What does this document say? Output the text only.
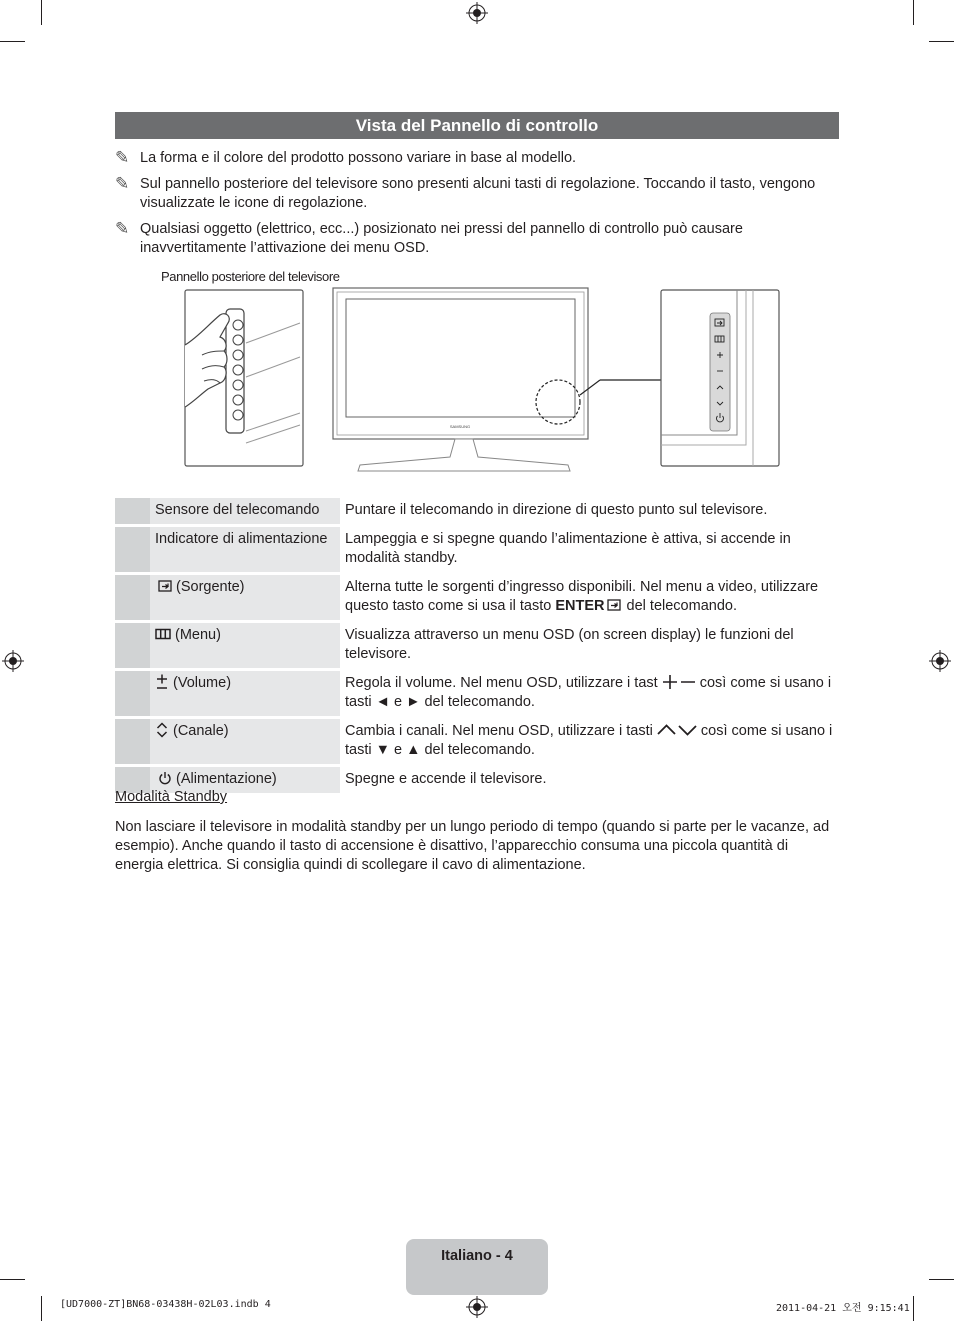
Vista del Pannello di controllo
✎ La forma e il colore del prodotto possono variare in base al modello.
✎ Sul pannello posteriore del televisore sono presenti alcuni tasti di regolazione. Toccando il tasto, vengono visualizzate le icone di regolazione.
✎ Qualsiasi oggetto (elettrico, ecc...) posizionato nei pressi del pannello di controllo può causare inavvertitamente l’attivazione dei menu OSD.
Pannello posteriore del televisore
SAMSUNG
	Sensore del telecomando	Puntare il telecomando in direzione di questo punto sul televisore.
	Indicatore di alimentazione	Lampeggia e si spegne quando l’alimentazione è attiva, si accende in modalità standby.
	(Sorgente)	Alterna tutte le sorgenti d’ingresso disponibili. Nel menu a video, utilizzare questo tasto come si usa il tasto ENTER del telecomando.
	(Menu)	Visualizza attraverso un menu OSD (on screen display) le funzioni del televisore.
	(Volume)	Regola il volume. Nel menu OSD, utilizzare i tast  così come si usano i tasti ◄ e ► del telecomando.
	(Canale)	Cambia i canali. Nel menu OSD, utilizzare i tasti così come si usano i tasti ▼ e ▲ del telecomando.
	(Alimentazione)	Spegne e accende il televisore.
Modalità Standby
Non lasciare il televisore in modalità standby per un lungo periodo di tempo (quando si parte per le vacanze, ad esempio). Anche quando il tasto di accensione è disattivo, l’apparecchio consuma una piccola quantità di energia elettrica. Si consiglia quindi di scollegare il cavo di alimentazione.
Italiano - 4
[UD7000-ZT]BN68-03438H-02L03.indb 4	2011-04-21 오전 9:15:41
